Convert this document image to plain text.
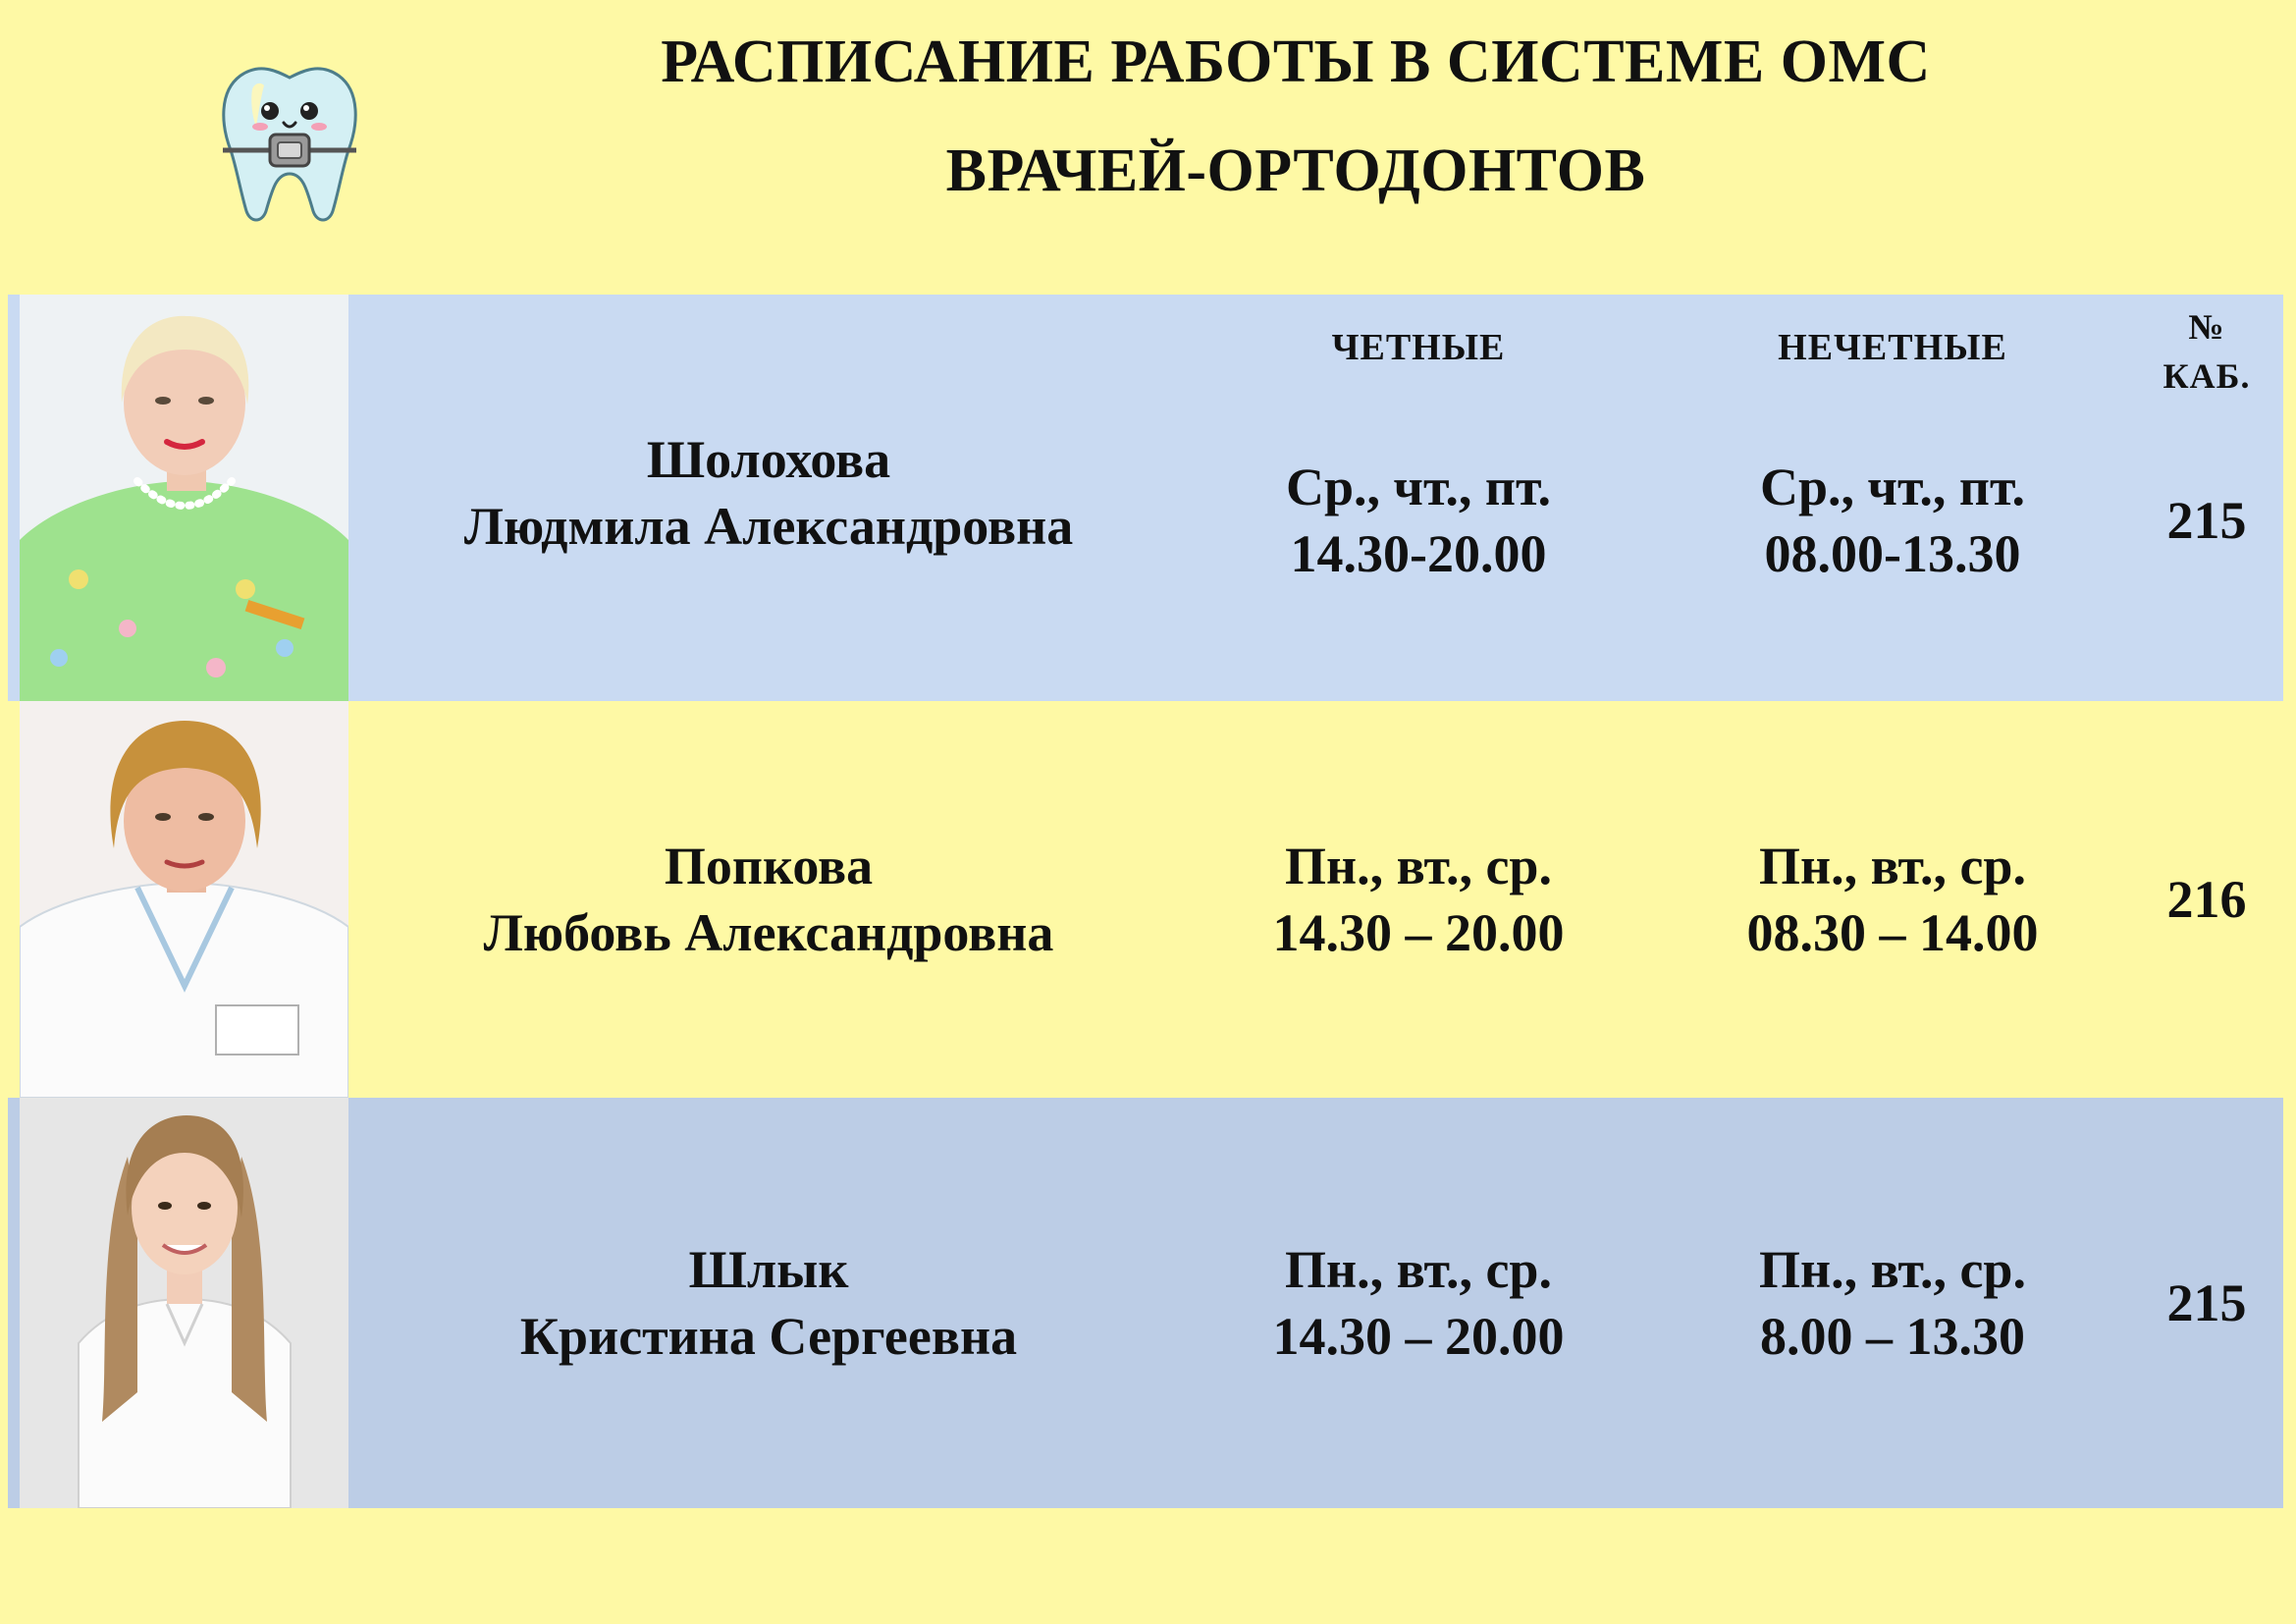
РАСПИСАНИЕ РАБОТЫ В СИСТЕМЕ ОМС
ВРАЧЕЙ-ОРТОДОНТОВ
ЧЕТНЫЕ	НЕЧЕТНЫЕ	№
КАБ.
Шолохова
Людмила Александровна
Ср., чт., пт.
14.30-20.00
Ср., чт., пт.
08.00-13.30
215
Попкова
Любовь Александровна
Пн., вт., ср.
14.30 – 20.00
Пн., вт., ср.
08.30 – 14.00
216
Шлык
Кристина Сергеевна
Пн., вт., ср.
14.30 – 20.00
Пн., вт., ср.
8.00 – 13.30
215
